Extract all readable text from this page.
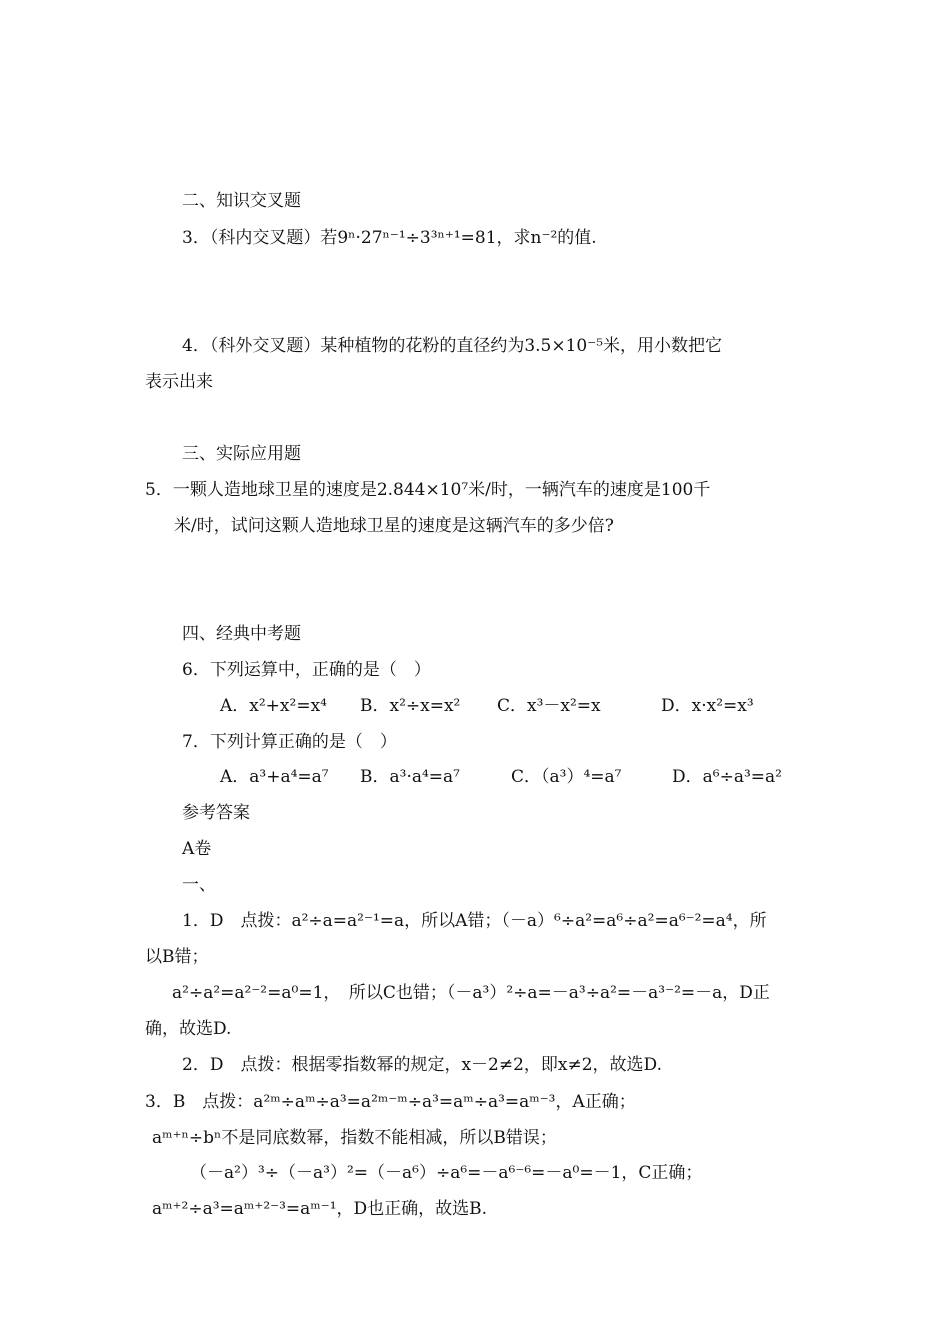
二、知识交叉题
3．（科内交叉题）若9ⁿ·27ⁿ⁻¹÷3³ⁿ⁺¹=81，求n⁻²的值.
4．（科外交叉题）某种植物的花粉的直径约为3.5×10⁻⁵米，用小数把它
表示出来
三、实际应用题
5．一颗人造地球卫星的速度是2.844×10⁷米/时，一辆汽车的速度是100千
米/时，试问这颗人造地球卫星的速度是这辆汽车的多少倍?
四、经典中考题
6．下列运算中，正确的是（　）
A．x²+x²=x⁴ B．x²÷x=x² C．x³－x²=x	D．x·x²=x³
7．下列计算正确的是（　）
A．a³+a⁴=a⁷ B．a³·a⁴=a⁷	C．（a³）⁴=a⁷	D．a⁶÷a³=a²
参考答案
A卷
一、
1．D　点拨：a²÷a=a²⁻¹=a，所以A错；（－a）⁶÷a²=a⁶÷a²=a⁶⁻²=a⁴，所
以B错；
a²÷a²=a²⁻²=a⁰=1，　所以C也错；（－a³）²÷a=－a³÷a²=－a³⁻²=－a，D正
确，故选D.
2．D　点拨：根据零指数幂的规定，x－2≠2，即x≠2，故选D.
3．B　点拨：a²ᵐ÷aᵐ÷a³=a²ᵐ⁻ᵐ÷a³=aᵐ÷a³=aᵐ⁻³，A正确；
aᵐ⁺ⁿ÷bⁿ不是同底数幂，指数不能相减，所以B错误；
（－a²）³÷（－a³）²=（－a⁶）÷a⁶=－a⁶⁻⁶=－a⁰=－1，C正确；
aᵐ⁺²÷a³=aᵐ⁺²⁻³=aᵐ⁻¹，D也正确，故选B.
